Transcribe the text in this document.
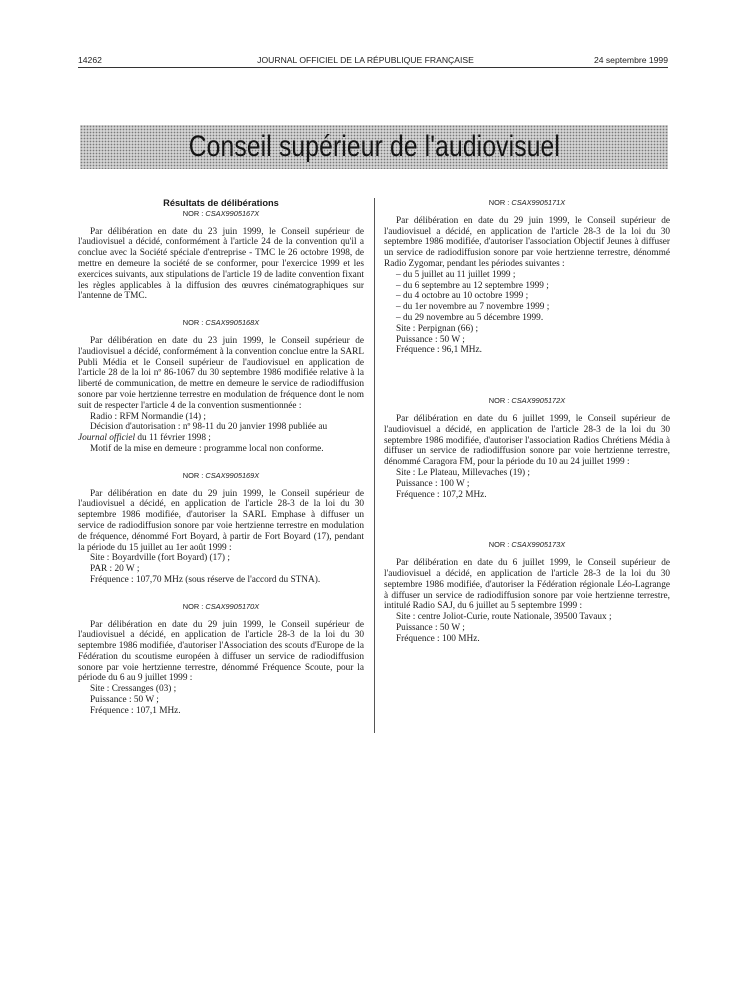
14262	JOURNAL OFFICIEL DE LA RÉPUBLIQUE FRANÇAISE	24 septembre 1999
Conseil supérieur de l'audiovisuel

Résultats de délibérations

NOR : CSAX9905167X

Par délibération en date du 23 juin 1999, le Conseil supérieur de l'audiovisuel a décidé, conformément à l'article 24 de la convention qu'il a conclue avec la Société spéciale d'entreprise - TMC le 26 octobre 1998, de mettre en demeure la société de se conformer, pour l'exercice 1999 et les exercices suivants, aux stipulations de l'article 19 de ladite convention fixant les règles applicables à la diffusion des œuvres cinématographiques sur l'antenne de TMC.

NOR : CSAX9905168X

Par délibération en date du 23 juin 1999, le Conseil supérieur de l'audiovisuel a décidé, conformément à la convention conclue entre la SARL Publi Média et le Conseil supérieur de l'audiovisuel en application de l'article 28 de la loi nº 86-1067 du 30 septembre 1986 modifiée relative à la liberté de communication, de mettre en demeure le service de radiodiffusion sonore par voie hertzienne terrestre en modulation de fréquence dont le nom suit de respecter l'article 4 de la convention susmentionnée :

Radio : RFM Normandie (14) ;

Décision d'autorisation : nº 98-11 du 20 janvier 1998 publiée au

Journal officiel du 11 février 1998 ;

Motif de la mise en demeure : programme local non conforme.

NOR : CSAX9905169X

Par délibération en date du 29 juin 1999, le Conseil supérieur de l'audiovisuel a décidé, en application de l'article 28-3 de la loi du 30 septembre 1986 modifiée, d'autoriser la SARL Emphase à diffuser un service de radiodiffusion sonore par voie hertzienne terrestre en modulation de fréquence, dénommé Fort Boyard, à partir de Fort Boyard (17), pendant la période du 15 juillet au 1er août 1999 :

Site : Boyardville (fort Boyard) (17) ;

PAR : 20 W ;

Fréquence : 107,70 MHz (sous réserve de l'accord du STNA).

NOR : CSAX9905170X

Par délibération en date du 29 juin 1999, le Conseil supérieur de l'audiovisuel a décidé, en application de l'article 28-3 de la loi du 30 septembre 1986 modifiée, d'autoriser l'Association des scouts d'Europe de la Fédération du scoutisme européen à diffuser un service de radiodiffusion sonore par voie hertzienne terrestre, dénommé Fréquence Scoute, pour la période du 6 au 9 juillet 1999 :

Site : Cressanges (03) ;

Puissance : 50 W ;

Fréquence : 107,1 MHz.

NOR : CSAX9905171X

Par délibération en date du 29 juin 1999, le Conseil supérieur de l'audiovisuel a décidé, en application de l'article 28-3 de la loi du 30 septembre 1986 modifiée, d'autoriser l'association Objectif Jeunes à diffuser un service de radiodiffusion sonore par voie hertzienne terrestre, dénommé Radio Zygomar, pendant les périodes suivantes :

– du 5 juillet au 11 juillet 1999 ;

– du 6 septembre au 12 septembre 1999 ;

– du 4 octobre au 10 octobre 1999 ;

– du 1er novembre au 7 novembre 1999 ;

– du 29 novembre au 5 décembre 1999.

Site : Perpignan (66) ;

Puissance : 50 W ;

Fréquence : 96,1 MHz.

NOR : CSAX9905172X

Par délibération en date du 6 juillet 1999, le Conseil supérieur de l'audiovisuel a décidé, en application de l'article 28-3 de la loi du 30 septembre 1986 modifiée, d'autoriser l'association Radios Chrétiens Média à diffuser un service de radiodiffusion sonore par voie hertzienne terrestre, dénommé Caragora FM, pour la période du 10 au 24 juillet 1999 :

Site : Le Plateau, Millevaches (19) ;

Puissance : 100 W ;

Fréquence : 107,2 MHz.

NOR : CSAX9905173X

Par délibération en date du 6 juillet 1999, le Conseil supérieur de l'audiovisuel a décidé, en application de l'article 28-3 de la loi du 30 septembre 1986 modifiée, d'autoriser la Fédération régionale Léo-Lagrange à diffuser un service de radiodiffusion sonore par voie hertzienne terrestre, intitulé Radio SAJ, du 6 juillet au 5 septembre 1999 :

Site : centre Joliot-Curie, route Nationale, 39500 Tavaux ;

Puissance : 50 W ;

Fréquence : 100 MHz.
